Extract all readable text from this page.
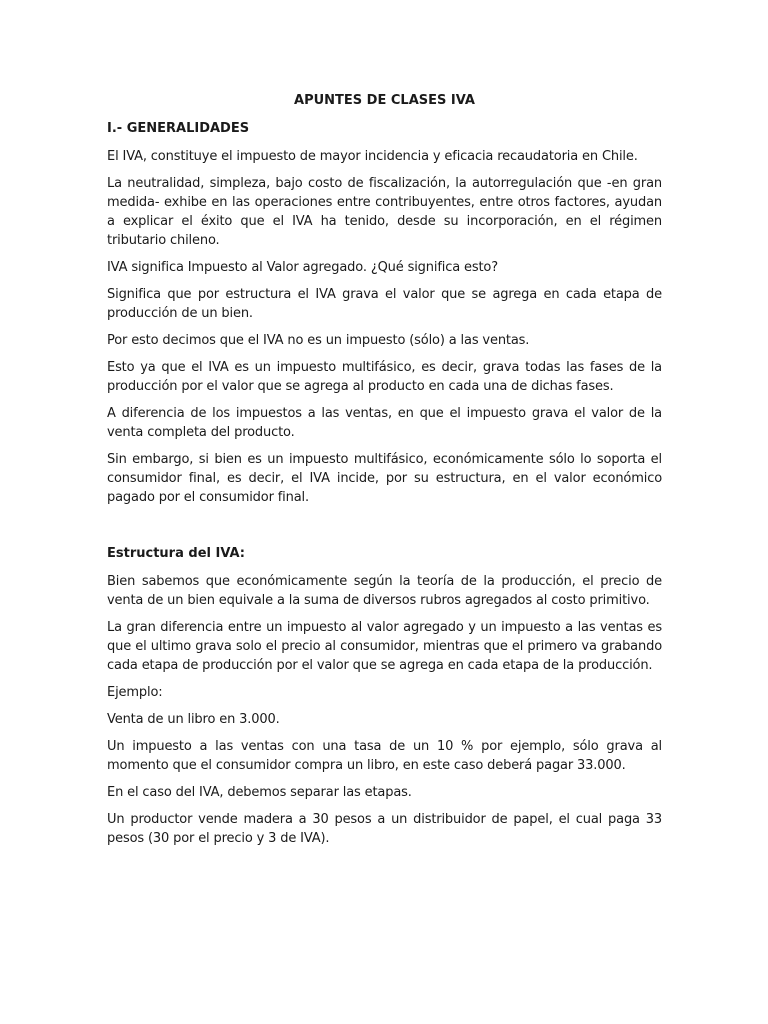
APUNTES DE CLASES IVA
I.- GENERALIDADES

El IVA, constituye el impuesto de mayor incidencia y eficacia recaudatoria en Chile.

La neutralidad, simpleza, bajo costo de fiscalización, la autorregulación que -en gran medida- exhibe en las operaciones entre contribuyentes, entre otros factores, ayudan a explicar el éxito que el IVA ha tenido, desde su incorporación, en el régimen tributario chileno.

IVA significa Impuesto al Valor agregado. ¿Qué significa esto?

Significa que por estructura el IVA grava el valor que se agrega en cada etapa de producción de un bien.

Por esto decimos que el IVA no es un impuesto (sólo) a las ventas.

Esto ya que el IVA es un impuesto multifásico, es decir, grava todas las fases de la producción por el valor que se agrega al producto en cada una de dichas fases.

A diferencia de los impuestos a las ventas, en que el impuesto grava el valor de la venta completa del producto.

Sin embargo, si bien es un impuesto multifásico, económicamente sólo lo soporta el consumidor final, es decir, el IVA incide, por su estructura, en el valor económico pagado por el consumidor final.

Estructura del IVA:

Bien sabemos que económicamente según la teoría de la producción, el precio de venta de un bien equivale a la suma de diversos rubros agregados al costo primitivo.

La gran diferencia entre un impuesto al valor agregado y un impuesto a las ventas es que el ultimo grava solo el precio al consumidor, mientras que el primero va grabando cada etapa de producción por el valor que se agrega en cada etapa de la producción.

Ejemplo:

Venta de un libro en 3.000.

Un impuesto a las ventas con una tasa de un 10 % por ejemplo, sólo grava al momento que el consumidor compra un libro, en este caso deberá pagar 33.000.

En el caso del IVA, debemos separar las etapas.

Un productor vende madera a 30 pesos a un distribuidor de papel, el cual paga 33 pesos (30 por el precio y 3 de IVA).
